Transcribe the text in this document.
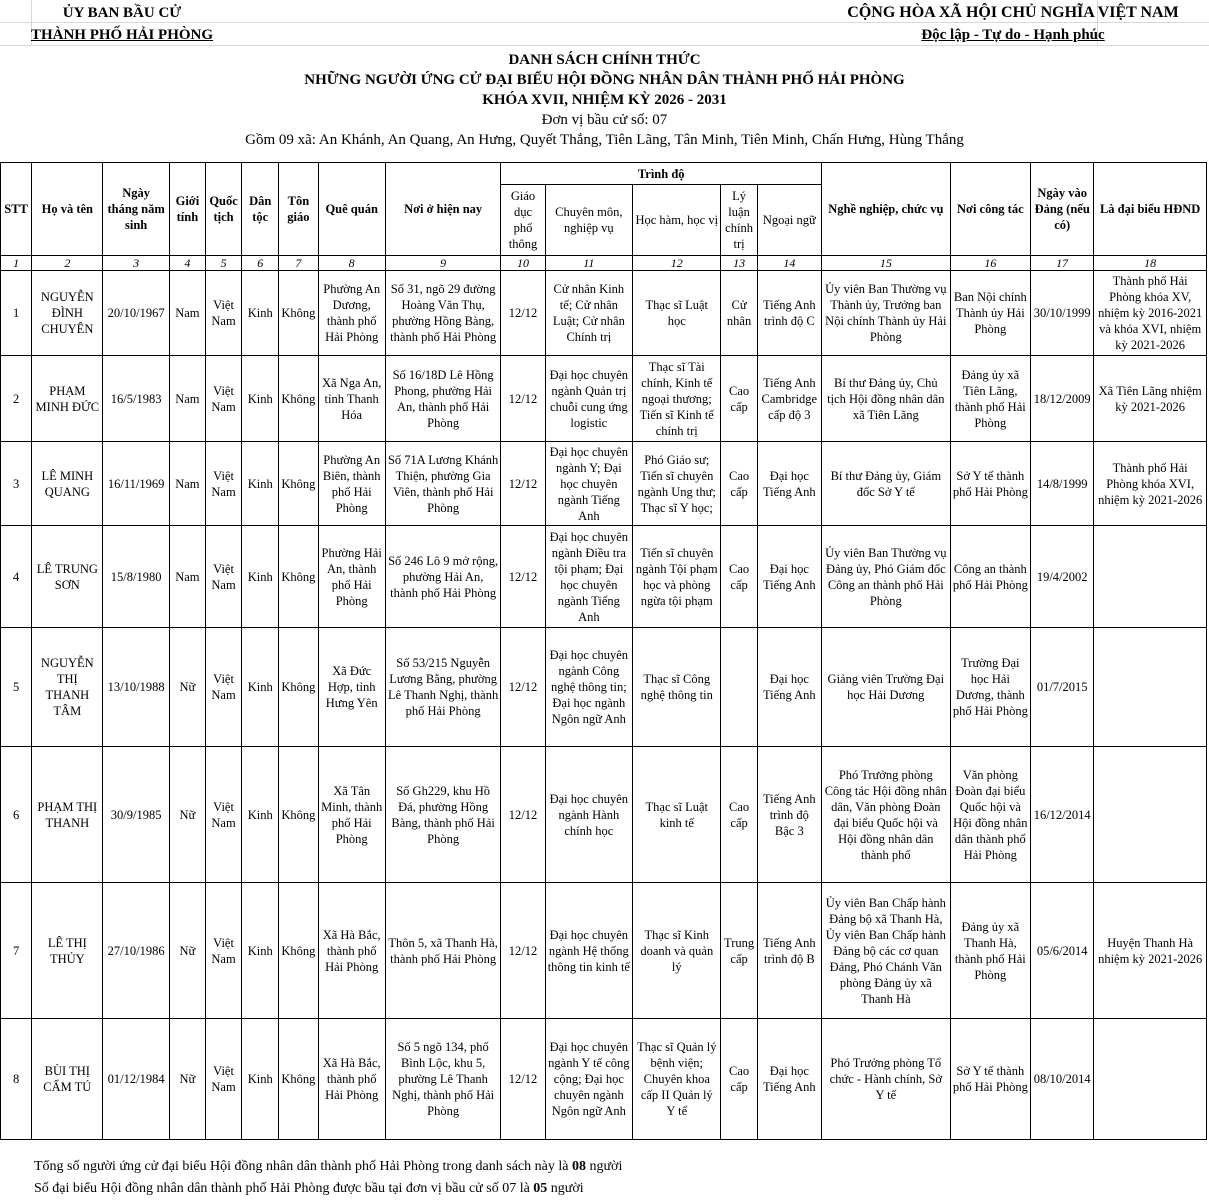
ỦY BAN BẦU CỬ
THÀNH PHỐ HẢI PHÒNG
CỘNG HÒA XÃ HỘI CHỦ NGHĨA VIỆT NAM
Độc lập - Tự do - Hạnh phúc
DANH SÁCH CHÍNH THỨC
NHỮNG NGƯỜI ỨNG CỬ ĐẠI BIỂU HỘI ĐỒNG NHÂN DÂN THÀNH PHỐ HẢI PHÒNG
KHÓA XVII, NHIỆM KỲ 2026 - 2031
Đơn vị bầu cử số: 07
Gồm 09 xã: An Khánh, An Quang, An Hưng, Quyết Thắng, Tiên Lãng, Tân Minh, Tiên Minh, Chấn Hưng, Hùng Thắng
STT	Họ và tên	Ngày tháng năm sinh	Giới tính	Quốc tịch	Dân tộc	Tôn giáo	Quê quán	Nơi ở hiện nay	Trình độ					Nghề nghiệp, chức vụ	Nơi công tác	Ngày vào Đảng (nếu có)	Là đại biểu HĐND
									Giáo dục phổ thông	Chuyên môn, nghiệp vụ	Học hàm, học vị	Lý luận chính trị	Ngoại ngữ				
1	2	3	4	5	6	7	8	9	10	11	12	13	14	15	16	17	18
1	NGUYỄN ĐÌNH CHUYÊN	20/10/1967	Nam	Việt Nam	Kinh	Không	Phường An Dương, thành phố Hải Phòng	Số 31, ngõ 29 đường Hoàng Văn Thụ, phường Hồng Bàng, thành phố Hải Phòng	12/12	Cử nhân Kinh tế; Cử nhân Luật; Cử nhân Chính trị	Thạc sĩ Luật học	Cử nhân	Tiếng Anh trình độ C	Ủy viên Ban Thường vụ Thành ủy, Trưởng ban Nội chính Thành ủy Hải Phòng	Ban Nội chính Thành ủy Hải Phòng	30/10/1999	Thành phố Hải Phòng khóa XV, nhiệm kỳ 2016-2021 và khóa XVI, nhiệm kỳ 2021-2026
2	PHẠM MINH ĐỨC	16/5/1983	Nam	Việt Nam	Kinh	Không	Xã Nga An, tỉnh Thanh Hóa	Số 16/18D Lê Hồng Phong, phường Hải An, thành phố Hải Phòng	12/12	Đại học chuyên ngành Quản trị chuỗi cung ứng logistic	Thạc sĩ Tài chính, Kinh tế ngoại thương; Tiến sĩ Kinh tế chính trị	Cao cấp	Tiếng Anh Cambridge cấp độ 3	Bí thư Đảng ủy, Chủ tịch Hội đồng nhân dân xã Tiên Lãng	Đảng ủy xã Tiên Lãng, thành phố Hải Phòng	18/12/2009	Xã Tiên Lãng nhiệm kỳ 2021-2026
3	LÊ MINH QUANG	16/11/1969	Nam	Việt Nam	Kinh	Không	Phường An Biên, thành phố Hải Phòng	Số 71A Lương Khánh Thiện, phường Gia Viên, thành phố Hải Phòng	12/12	Đại học chuyên ngành Y; Đại học chuyên ngành Tiếng Anh	Phó Giáo sư; Tiến sĩ chuyên ngành Ung thư; Thạc sĩ Y học;	Cao cấp	Đại học Tiếng Anh	Bí thư Đảng ủy, Giám đốc Sở Y tế	Sở Y tế thành phố Hải Phòng	14/8/1999	Thành phố Hải Phòng khóa XVI, nhiệm kỳ 2021-2026
4	LÊ TRUNG SƠN	15/8/1980	Nam	Việt Nam	Kinh	Không	Phường Hải An, thành phố Hải Phòng	Số 246 Lô 9 mở rộng, phường Hải An, thành phố Hải Phòng	12/12	Đại học chuyên ngành Điều tra tội phạm; Đại học chuyên ngành Tiếng Anh	Tiến sĩ chuyên ngành Tội phạm học và phòng ngừa tội phạm	Cao cấp	Đại học Tiếng Anh	Ủy viên Ban Thường vụ Đảng ủy, Phó Giám đốc Công an thành phố Hải Phòng	Công an thành phố Hải Phòng	19/4/2002	
5	NGUYỄN THỊ THANH TÂM	13/10/1988	Nữ	Việt Nam	Kinh	Không	Xã Đức Hợp, tỉnh Hưng Yên	Số 53/215 Nguyễn Lương Bằng, phường Lê Thanh Nghị, thành phố Hải Phòng	12/12	Đại học chuyên ngành Công nghệ thông tin; Đại học ngành Ngôn ngữ Anh	Thạc sĩ Công nghệ thông tin		Đại học Tiếng Anh	Giảng viên Trường Đại học Hải Dương	Trường Đại học Hải Dương, thành phố Hải Phòng	01/7/2015	
6	PHẠM THỊ THANH	30/9/1985	Nữ	Việt Nam	Kinh	Không	Xã Tân Minh, thành phố Hải Phòng	Số Gh229, khu Hồ Đá, phường Hồng Bàng, thành phố Hải Phòng	12/12	Đại học chuyên ngành Hành chính học	Thạc sĩ Luật kinh tế	Cao cấp	Tiếng Anh trình độ Bậc 3	Phó Trưởng phòng Công tác Hội đồng nhân dân, Văn phòng Đoàn đại biểu Quốc hội và Hội đồng nhân dân thành phố	Văn phòng Đoàn đại biểu Quốc hội và Hội đồng nhân dân thành phố Hải Phòng	16/12/2014	
7	LÊ THỊ THỦY	27/10/1986	Nữ	Việt Nam	Kinh	Không	Xã Hà Bắc, thành phố Hải Phòng	Thôn 5, xã Thanh Hà, thành phố Hải Phòng	12/12	Đại học chuyên ngành Hệ thống thông tin kinh tế	Thạc sĩ Kinh doanh và quản lý	Trung cấp	Tiếng Anh trình độ B	Ủy viên Ban Chấp hành Đảng bộ xã Thanh Hà, Ủy viên Ban Chấp hành Đảng bộ các cơ quan Đảng, Phó Chánh Văn phòng Đảng ủy xã Thanh Hà	Đảng ủy xã Thanh Hà, thành phố Hải Phòng	05/6/2014	Huyện Thanh Hà nhiệm kỳ 2021-2026
8	BÙI THỊ CẨM TÚ	01/12/1984	Nữ	Việt Nam	Kinh	Không	Xã Hà Bắc, thành phố Hải Phòng	Số 5 ngõ 134, phố Bình Lộc, khu 5, phường Lê Thanh Nghị, thành phố Hải Phòng	12/12	Đại học chuyên ngành Y tế công cộng; Đại học chuyên ngành Ngôn ngữ Anh	Thạc sĩ Quản lý bệnh viện; Chuyên khoa cấp II Quản lý Y tế	Cao cấp	Đại học Tiếng Anh	Phó Trưởng phòng Tổ chức - Hành chính, Sở Y tế	Sở Y tế thành phố Hải Phòng	08/10/2014	
Tổng số người ứng cử đại biểu Hội đồng nhân dân thành phố Hải Phòng trong danh sách này là 08 người
Số đại biểu Hội đồng nhân dân thành phố Hải Phòng được bầu tại đơn vị bầu cử số 07 là 05 người
